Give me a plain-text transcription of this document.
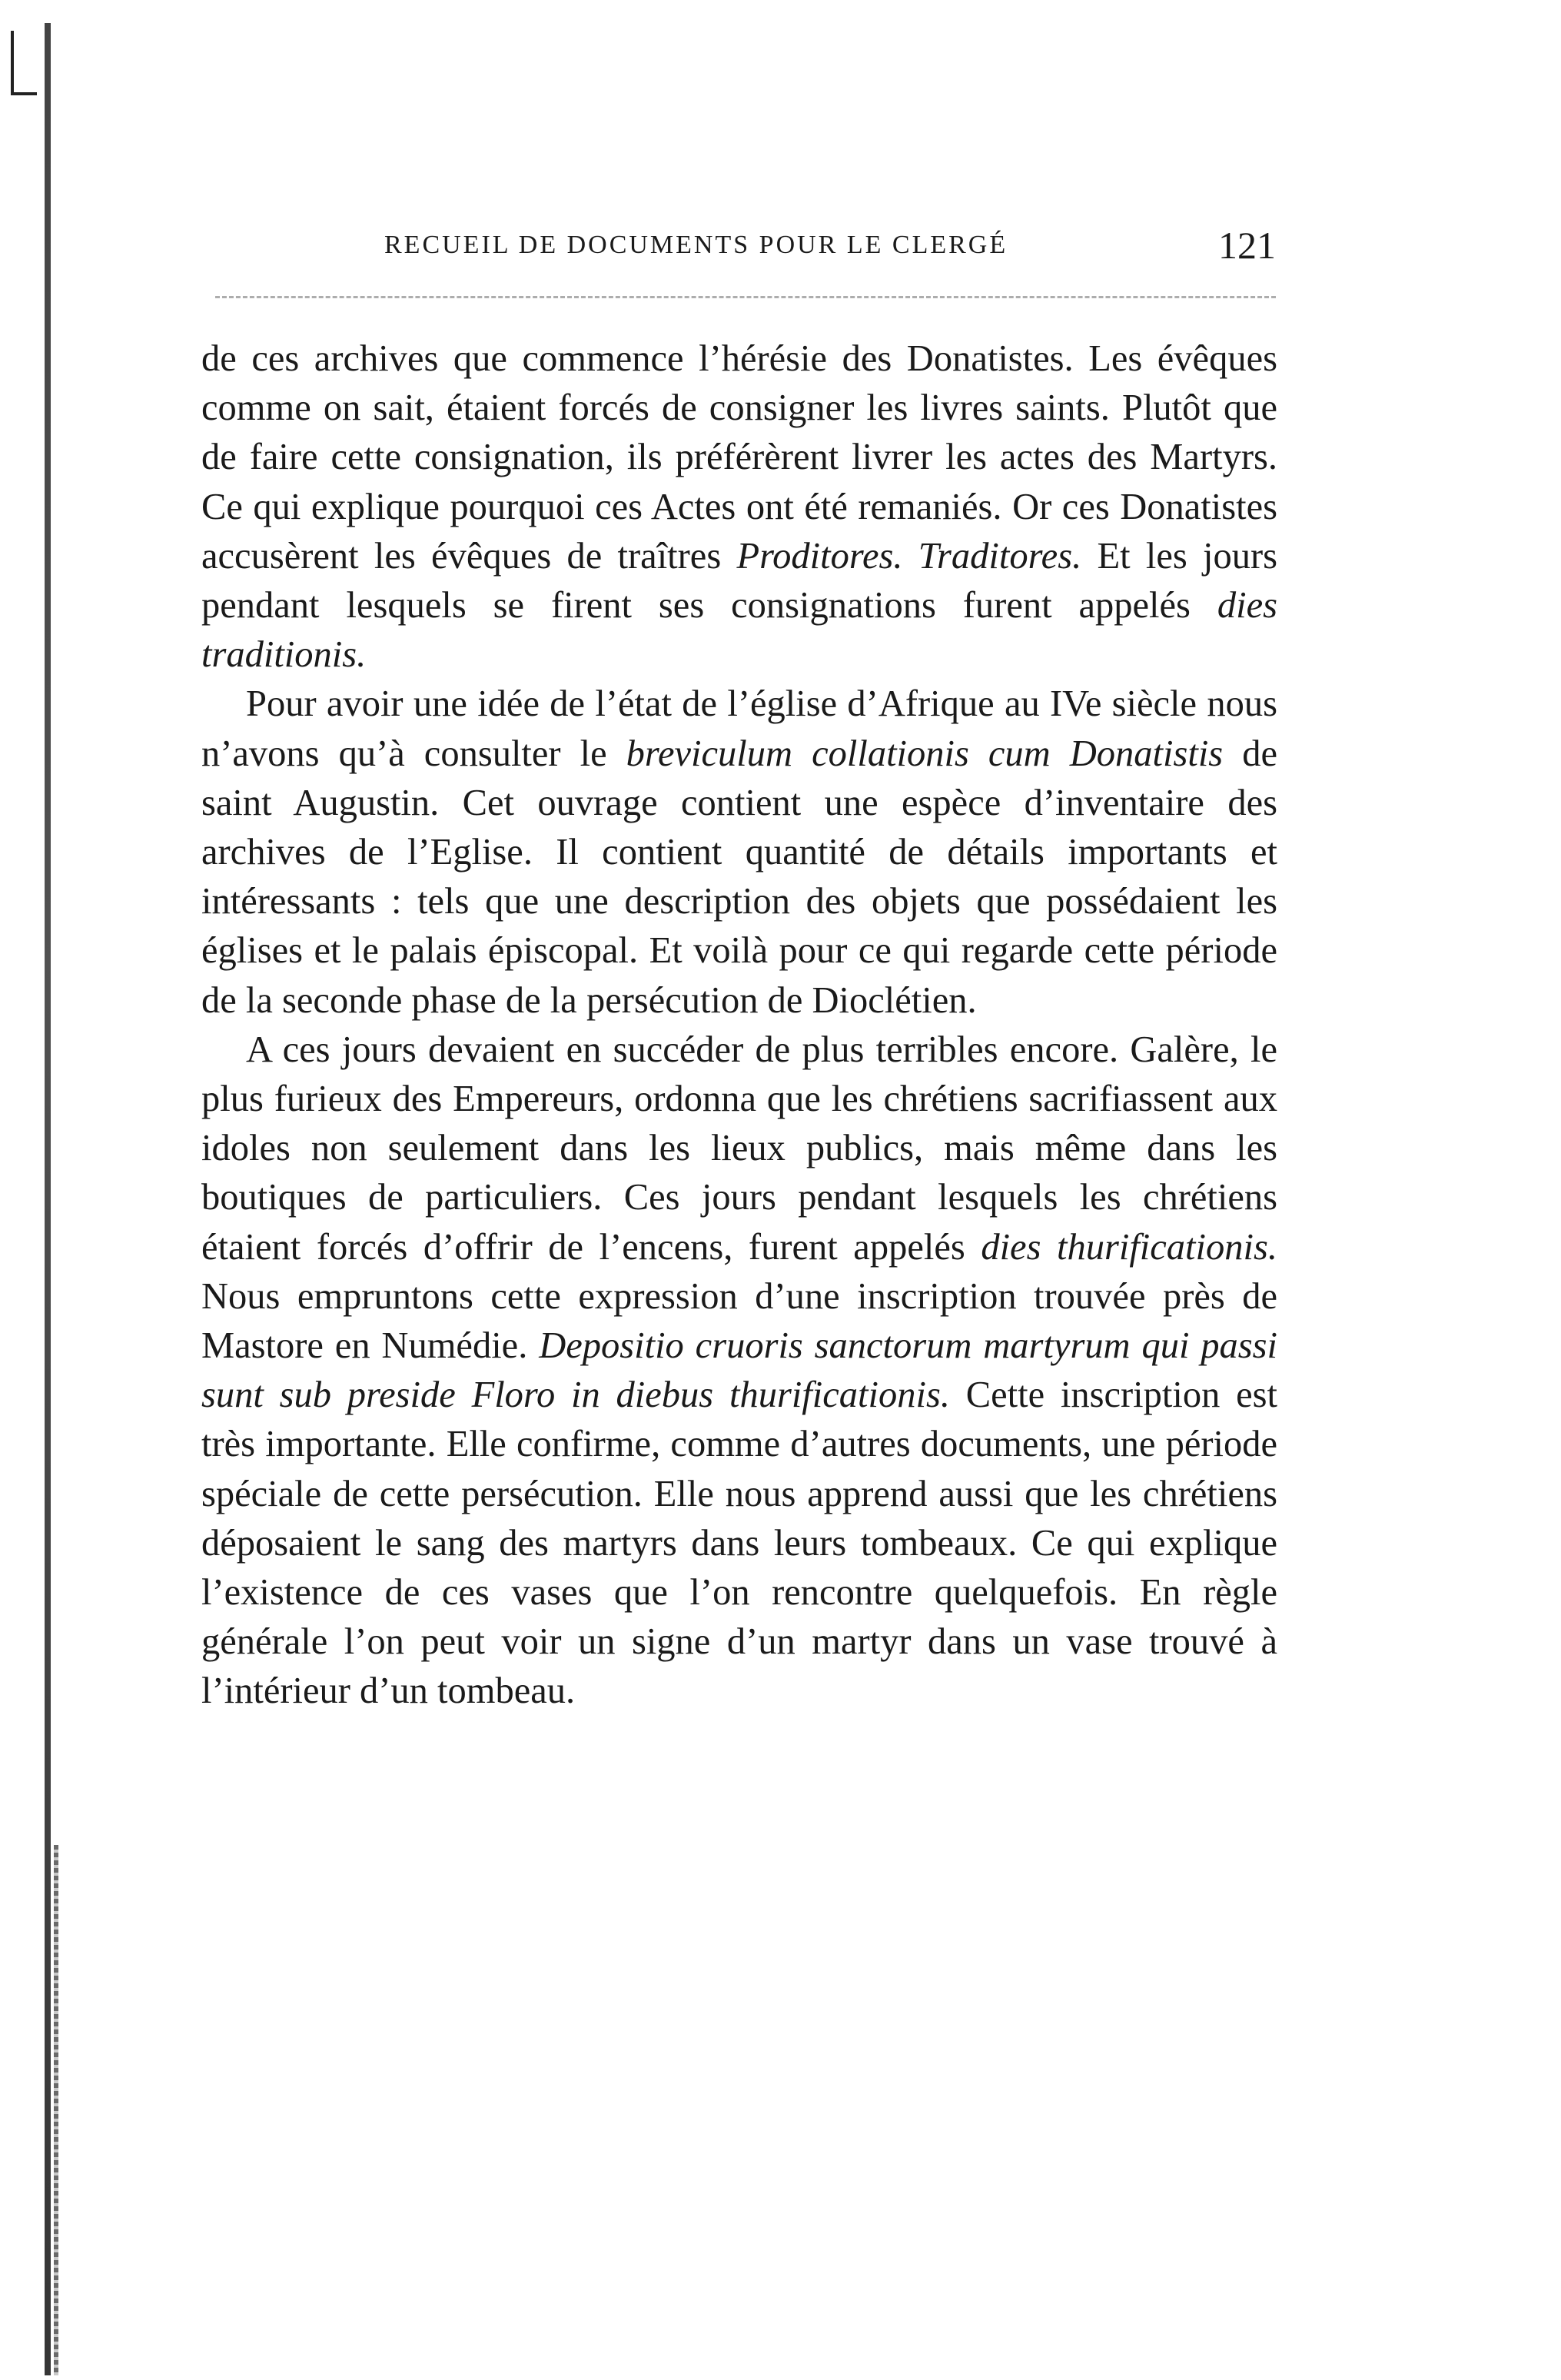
RECUEIL DE DOCUMENTS POUR LE CLERGÉ	121

de ces archives que commence l’hérésie des Donatistes. Les évêques comme on sait, étaient forcés de consigner les livres saints. Plutôt que de faire cette consignation, ils préférèrent livrer les actes des Martyrs. Ce qui explique pourquoi ces Actes ont été remaniés. Or ces Donatistes accusèrent les évêques de traîtres Proditores. Traditores. Et les jours pendant lesquels se firent ses consignations furent appelés dies traditionis.

Pour avoir une idée de l’état de l’église d’Afrique au IVe siècle nous n’avons qu’à consulter le breviculum collationis cum Donatistis de saint Augustin. Cet ouvrage contient une espèce d’inventaire des archives de l’Eglise. Il contient quantité de détails importants et intéressants : tels que une description des objets que possédaient les églises et le palais épiscopal. Et voilà pour ce qui regarde cette période de la seconde phase de la persécution de Dioclétien.

A ces jours devaient en succéder de plus terribles encore. Galère, le plus furieux des Empereurs, ordonna que les chrétiens sacrifiassent aux idoles non seulement dans les lieux publics, mais même dans les boutiques de particuliers. Ces jours pendant lesquels les chrétiens étaient forcés d’offrir de l’encens, furent appelés dies thurificationis. Nous empruntons cette expression d’une inscription trouvée près de Mastore en Numédie. Depositio cruoris sanctorum martyrum qui passi sunt sub preside Floro in diebus thurificationis. Cette inscription est très importante. Elle confirme, comme d’autres documents, une période spéciale de cette persécution. Elle nous apprend aussi que les chrétiens déposaient le sang des martyrs dans leurs tombeaux. Ce qui explique l’existence de ces vases que l’on rencontre quelquefois. En règle générale l’on peut voir un signe d’un martyr dans un vase trouvé à l’intérieur d’un tombeau.
